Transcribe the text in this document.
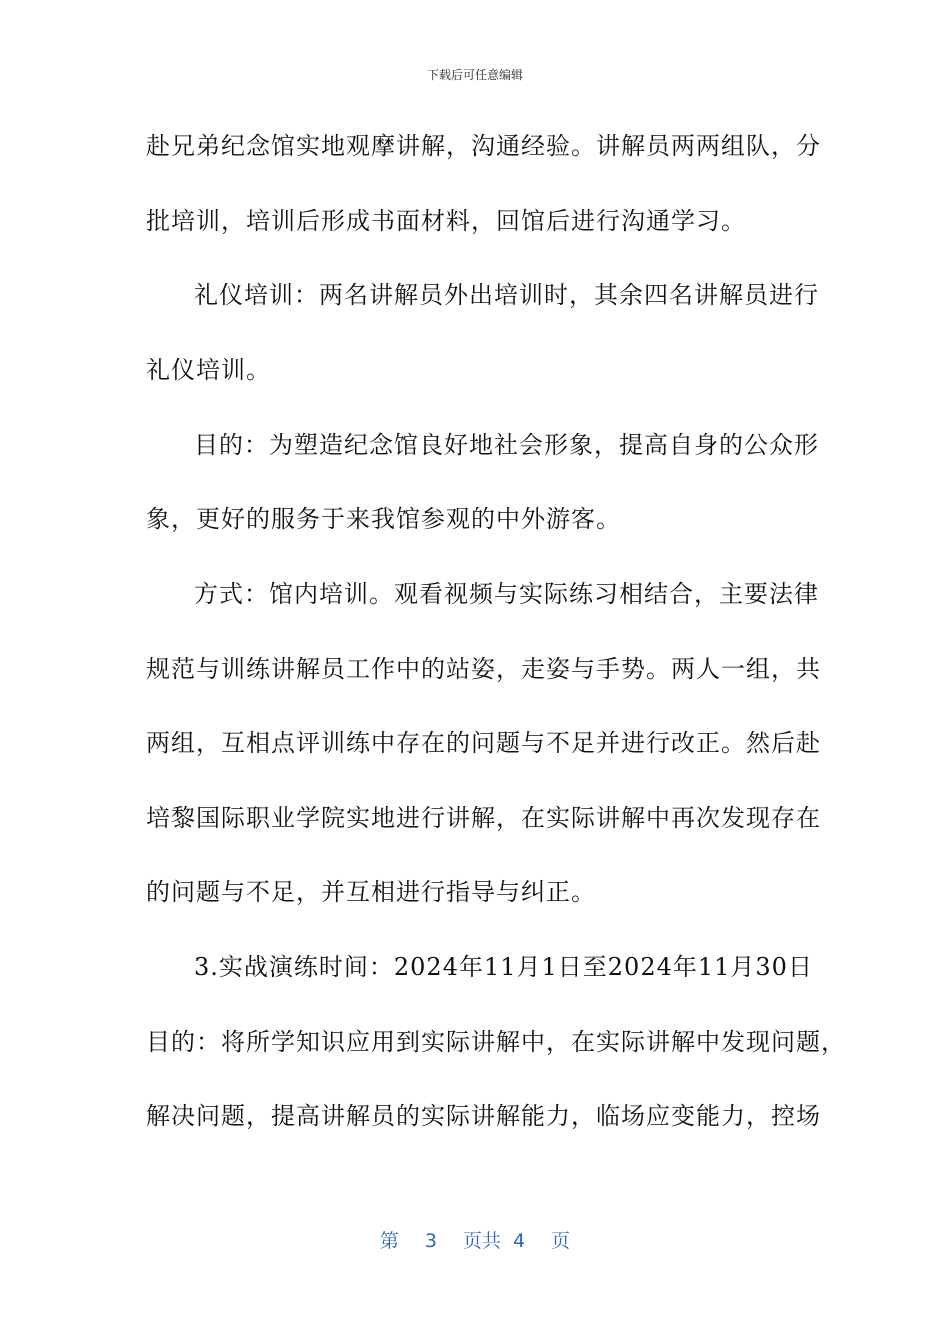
下载后可任意编辑
赴兄弟纪念馆实地观摩讲解，沟通经验。讲解员两两组队，分
批培训，培训后形成书面材料，回馆后进行沟通学习。
礼仪培训：两名讲解员外出培训时，其余四名讲解员进行
礼仪培训。
目的：为塑造纪念馆良好地社会形象，提高自身的公众形
象，更好的服务于来我馆参观的中外游客。
方式：馆内培训。观看视频与实际练习相结合，主要法律
规范与训练讲解员工作中的站姿，走姿与手势。两人一组，共
两组，互相点评训练中存在的问题与不足并进行改正。然后赴
培黎国际职业学院实地进行讲解，在实际讲解中再次发现存在
的问题与不足，并互相进行指导与纠正。
3.实战演练时间：2024年11月1日至2024年11月30日
目的：将所学知识应用到实际讲解中，在实际讲解中发现问题，
解决问题，提高讲解员的实际讲解能力，临场应变能力，控场
第 3 页共 4 页
